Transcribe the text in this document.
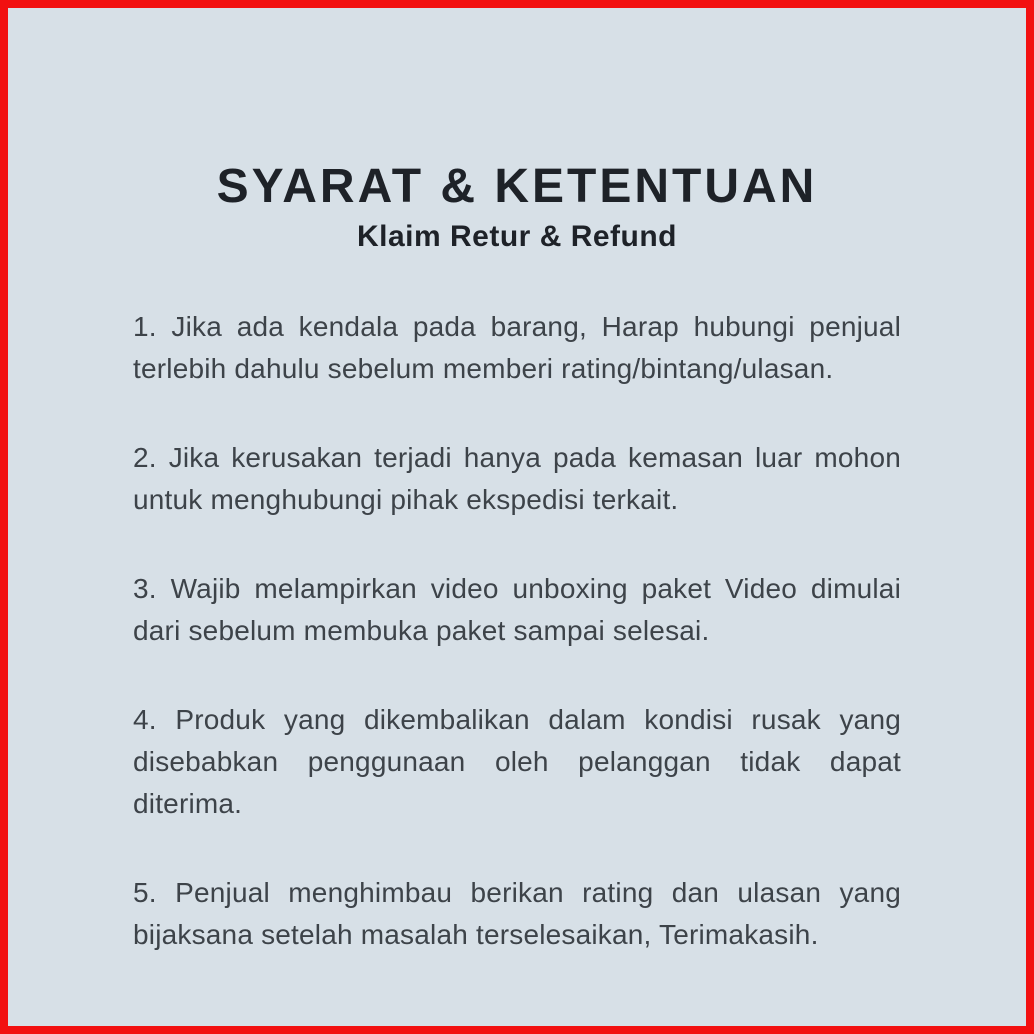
SYARAT & KETENTUAN
Klaim Retur & Refund

1. Jika ada kendala pada barang, Harap hubungi penjual terlebih dahulu sebelum memberi rating/bintang/ulasan.

2. Jika kerusakan terjadi hanya pada kemasan luar mohon untuk menghubungi pihak ekspedisi terkait.

3. Wajib melampirkan video unboxing paket Video dimulai dari sebelum membuka paket sampai selesai.

4. Produk yang dikembalikan dalam kondisi rusak yang disebabkan penggunaan oleh pelanggan tidak dapat diterima.

5. Penjual menghimbau berikan rating dan ulasan yang bijaksana setelah masalah terselesaikan, Terimakasih.
